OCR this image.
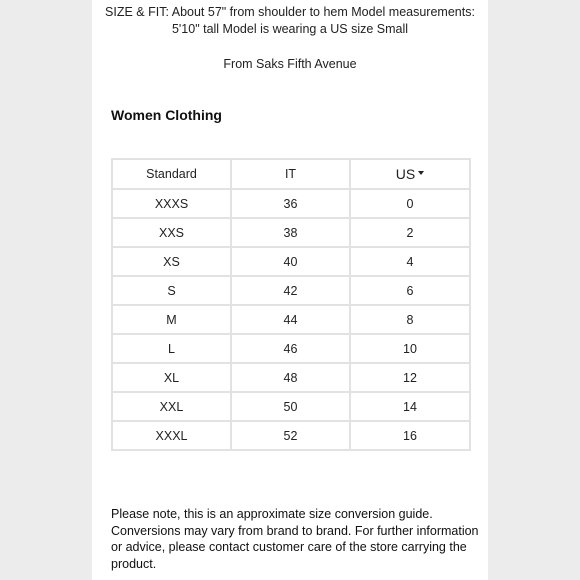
SIZE & FIT: About 57" from shoulder to hem Model measurements: 5'10" tall Model is wearing a US size Small
From Saks Fifth Avenue
Women Clothing
Standard	IT	US

XXXS	36	0
XXS	38	2
XS	40	4
S	42	6
M	44	8
L	46	10
XL	48	12
XXL	50	14
XXXL	52	16
Please note, this is an approximate size conversion guide. Conversions may vary from brand to brand. For further information or advice, please contact customer care of the store carrying the product.
